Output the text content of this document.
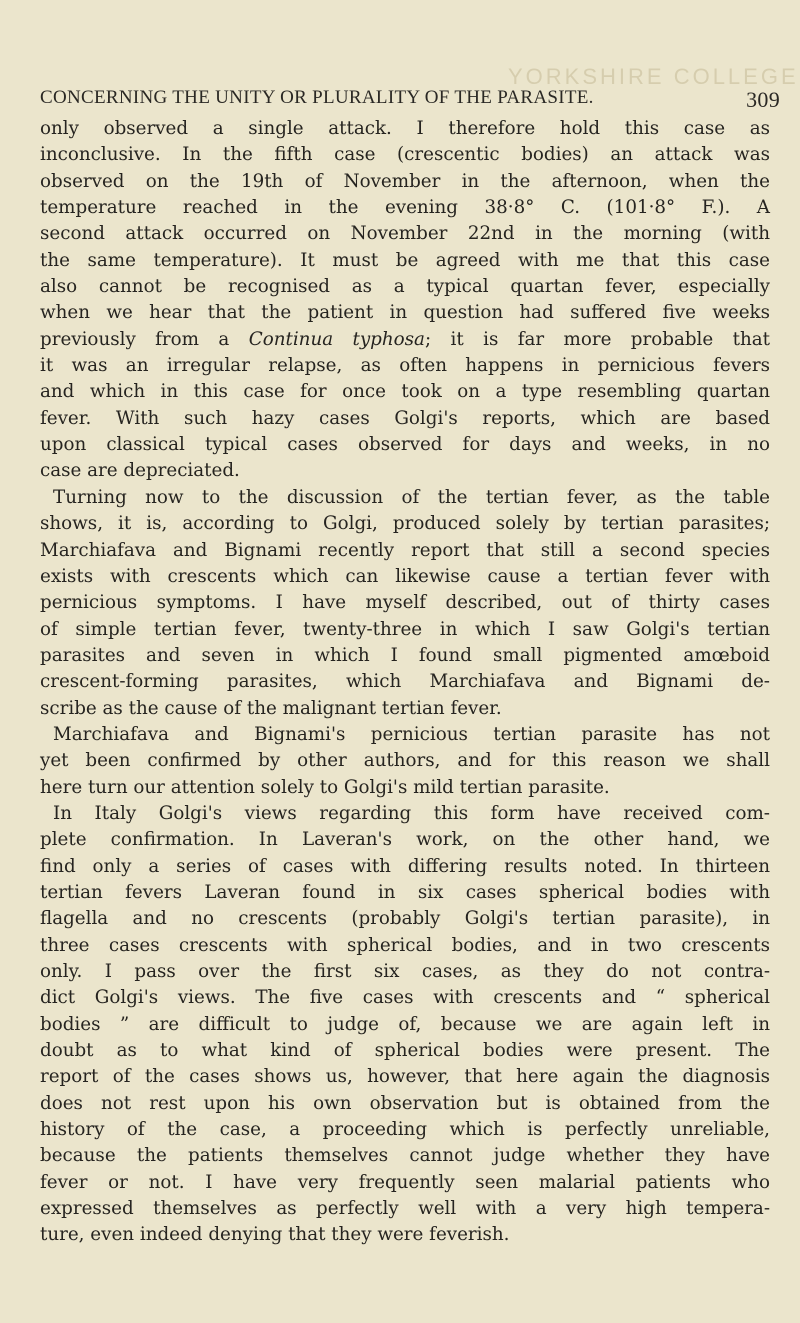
YORKSHIRE COLLEGE
CONCERNING THE UNITY OR PLURALITY OF THE PARASITE.	309
only observed a single attack. I therefore hold this case as
inconclusive. In the fifth case (crescentic bodies) an attack was
observed on the 19th of November in the afternoon, when the
temperature reached in the evening 38·8° C. (101·8° F.). A
second attack occurred on November 22nd in the morning (with
the same temperature). It must be agreed with me that this case
also cannot be recognised as a typical quartan fever, especially
when we hear that the patient in question had suffered five weeks
previously from a Continua typhosa; it is far more probable that
it was an irregular relapse, as often happens in pernicious fevers
and which in this case for once took on a type resembling quartan
fever. With such hazy cases Golgi's reports, which are based
upon classical typical cases observed for days and weeks, in no
case are depreciated.
Turning now to the discussion of the tertian fever, as the table
shows, it is, according to Golgi, produced solely by tertian parasites;
Marchiafava and Bignami recently report that still a second species
exists with crescents which can likewise cause a tertian fever with
pernicious symptoms. I have myself described, out of thirty cases
of simple tertian fever, twenty-three in which I saw Golgi's tertian
parasites and seven in which I found small pigmented amœboid
crescent-forming parasites, which Marchiafava and Bignami de-
scribe as the cause of the malignant tertian fever.
Marchiafava and Bignami's pernicious tertian parasite has not
yet been confirmed by other authors, and for this reason we shall
here turn our attention solely to Golgi's mild tertian parasite.
In Italy Golgi's views regarding this form have received com-
plete confirmation. In Laveran's work, on the other hand, we
find only a series of cases with differing results noted. In thirteen
tertian fevers Laveran found in six cases spherical bodies with
flagella and no crescents (probably Golgi's tertian parasite), in
three cases crescents with spherical bodies, and in two crescents
only. I pass over the first six cases, as they do not contra-
dict Golgi's views. The five cases with crescents and “ spherical
bodies ” are difficult to judge of, because we are again left in
doubt as to what kind of spherical bodies were present. The
report of the cases shows us, however, that here again the diagnosis
does not rest upon his own observation but is obtained from the
history of the case, a proceeding which is perfectly unreliable,
because the patients themselves cannot judge whether they have
fever or not. I have very frequently seen malarial patients who
expressed themselves as perfectly well with a very high tempera-
ture, even indeed denying that they were feverish.
